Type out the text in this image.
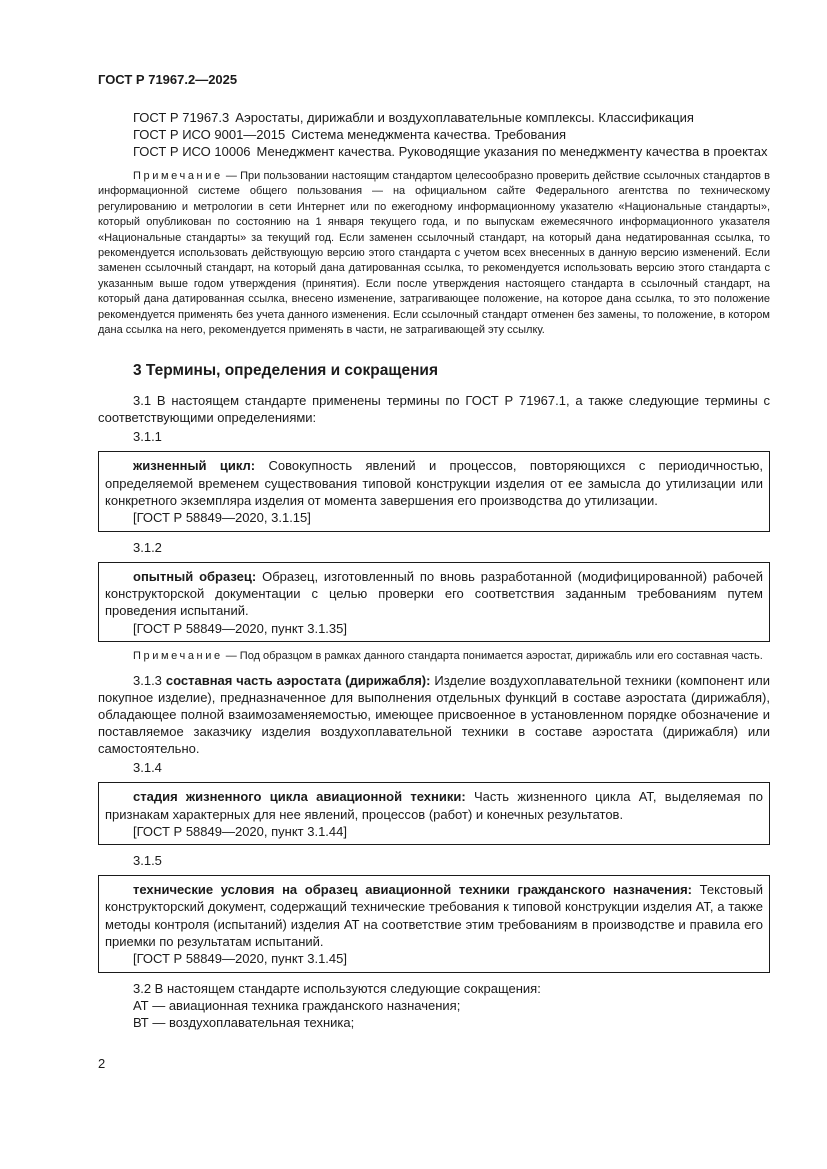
ГОСТ Р 71967.2—2025

ГОСТ Р 71967.3 Аэростаты, дирижабли и воздухоплавательные комплексы. Классификация

ГОСТ Р ИСО 9001—2015 Система менеджмента качества. Требования

ГОСТ Р ИСО 10006 Менеджмент качества. Руководящие указания по менеджменту качества в проектах

Примечание — При пользовании настоящим стандартом целесообразно проверить действие ссылочных стандартов в информационной системе общего пользования — на официальном сайте Федерального агентства по техническому регулированию и метрологии в сети Интернет или по ежегодному информационному указателю «Национальные стандарты», который опубликован по состоянию на 1 января текущего года, и по выпускам ежемесячного информационного указателя «Национальные стандарты» за текущий год. Если заменен ссылочный стандарт, на который дана недатированная ссылка, то рекомендуется использовать действующую версию этого стандарта с учетом всех внесенных в данную версию изменений. Если заменен ссылочный стандарт, на который дана датированная ссылка, то рекомендуется использовать версию этого стандарта с указанным выше годом утверждения (принятия). Если после утверждения настоящего стандарта в ссылочный стандарт, на который дана датированная ссылка, внесено изменение, затрагивающее положение, на которое дана ссылка, то это положение рекомендуется применять без учета данного изменения. Если ссылочный стандарт отменен без замены, то положение, в котором дана ссылка на него, рекомендуется применять в части, не затрагивающей эту ссылку.

3 Термины, определения и сокращения

3.1 В настоящем стандарте применены термины по ГОСТ Р 71967.1, а также следующие термины с соответствующими определениями:

3.1.1

жизненный цикл: Совокупность явлений и процессов, повторяющихся с периодичностью, определяемой временем существования типовой конструкции изделия от ее замысла до утилизации или конкретного экземпляра изделия от момента завершения его производства до утилизации.

[ГОСТ Р 58849—2020, 3.1.15]

3.1.2

опытный образец: Образец, изготовленный по вновь разработанной (модифицированной) рабочей конструкторской документации с целью проверки его соответствия заданным требованиям путем проведения испытаний.

[ГОСТ Р 58849—2020, пункт 3.1.35]

Примечание — Под образцом в рамках данного стандарта понимается аэростат, дирижабль или его составная часть.

3.1.3 составная часть аэростата (дирижабля): Изделие воздухоплавательной техники (компонент или покупное изделие), предназначенное для выполнения отдельных функций в составе аэростата (дирижабля), обладающее полной взаимозаменяемостью, имеющее присвоенное в установленном порядке обозначение и поставляемое заказчику изделия воздухоплавательной техники в составе аэростата (дирижабля) или самостоятельно.

3.1.4

стадия жизненного цикла авиационной техники: Часть жизненного цикла АТ, выделяемая по признакам характерных для нее явлений, процессов (работ) и конечных результатов.

[ГОСТ Р 58849—2020, пункт 3.1.44]

3.1.5

технические условия на образец авиационной техники гражданского назначения: Текстовый конструкторский документ, содержащий технические требования к типовой конструкции изделия АТ, а также методы контроля (испытаний) изделия АТ на соответствие этим требованиям в производстве и правила его приемки по результатам испытаний.

[ГОСТ Р 58849—2020, пункт 3.1.45]

3.2 В настоящем стандарте используются следующие сокращения:

АТ — авиационная техника гражданского назначения;
ВТ — воздухоплавательная техника;
2
